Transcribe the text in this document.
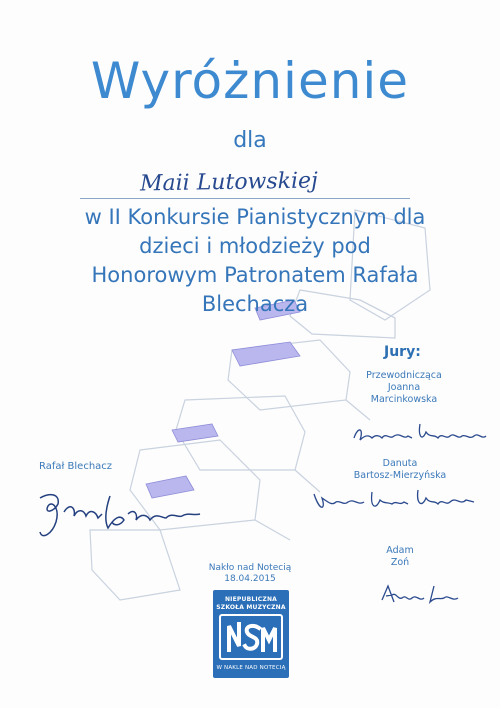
Wyróżnienie
dla
Maii Lutowskiej
w II Konkursie Pianistycznym dla
dzieci i młodzieży pod
Honorowym Patronatem Rafała
Blechacza
Jury:
Przewodnicząca
Joanna
Marcinkowska
Danuta
Bartosz-Mierzyńska
Adam
Zoń
Rafał Blechacz
Nakło nad Notecią
18.04.2015
NIEPUBLICZNA
SZKOŁA MUZYCZNA
W NAKLE NAD NOTECIĄ
